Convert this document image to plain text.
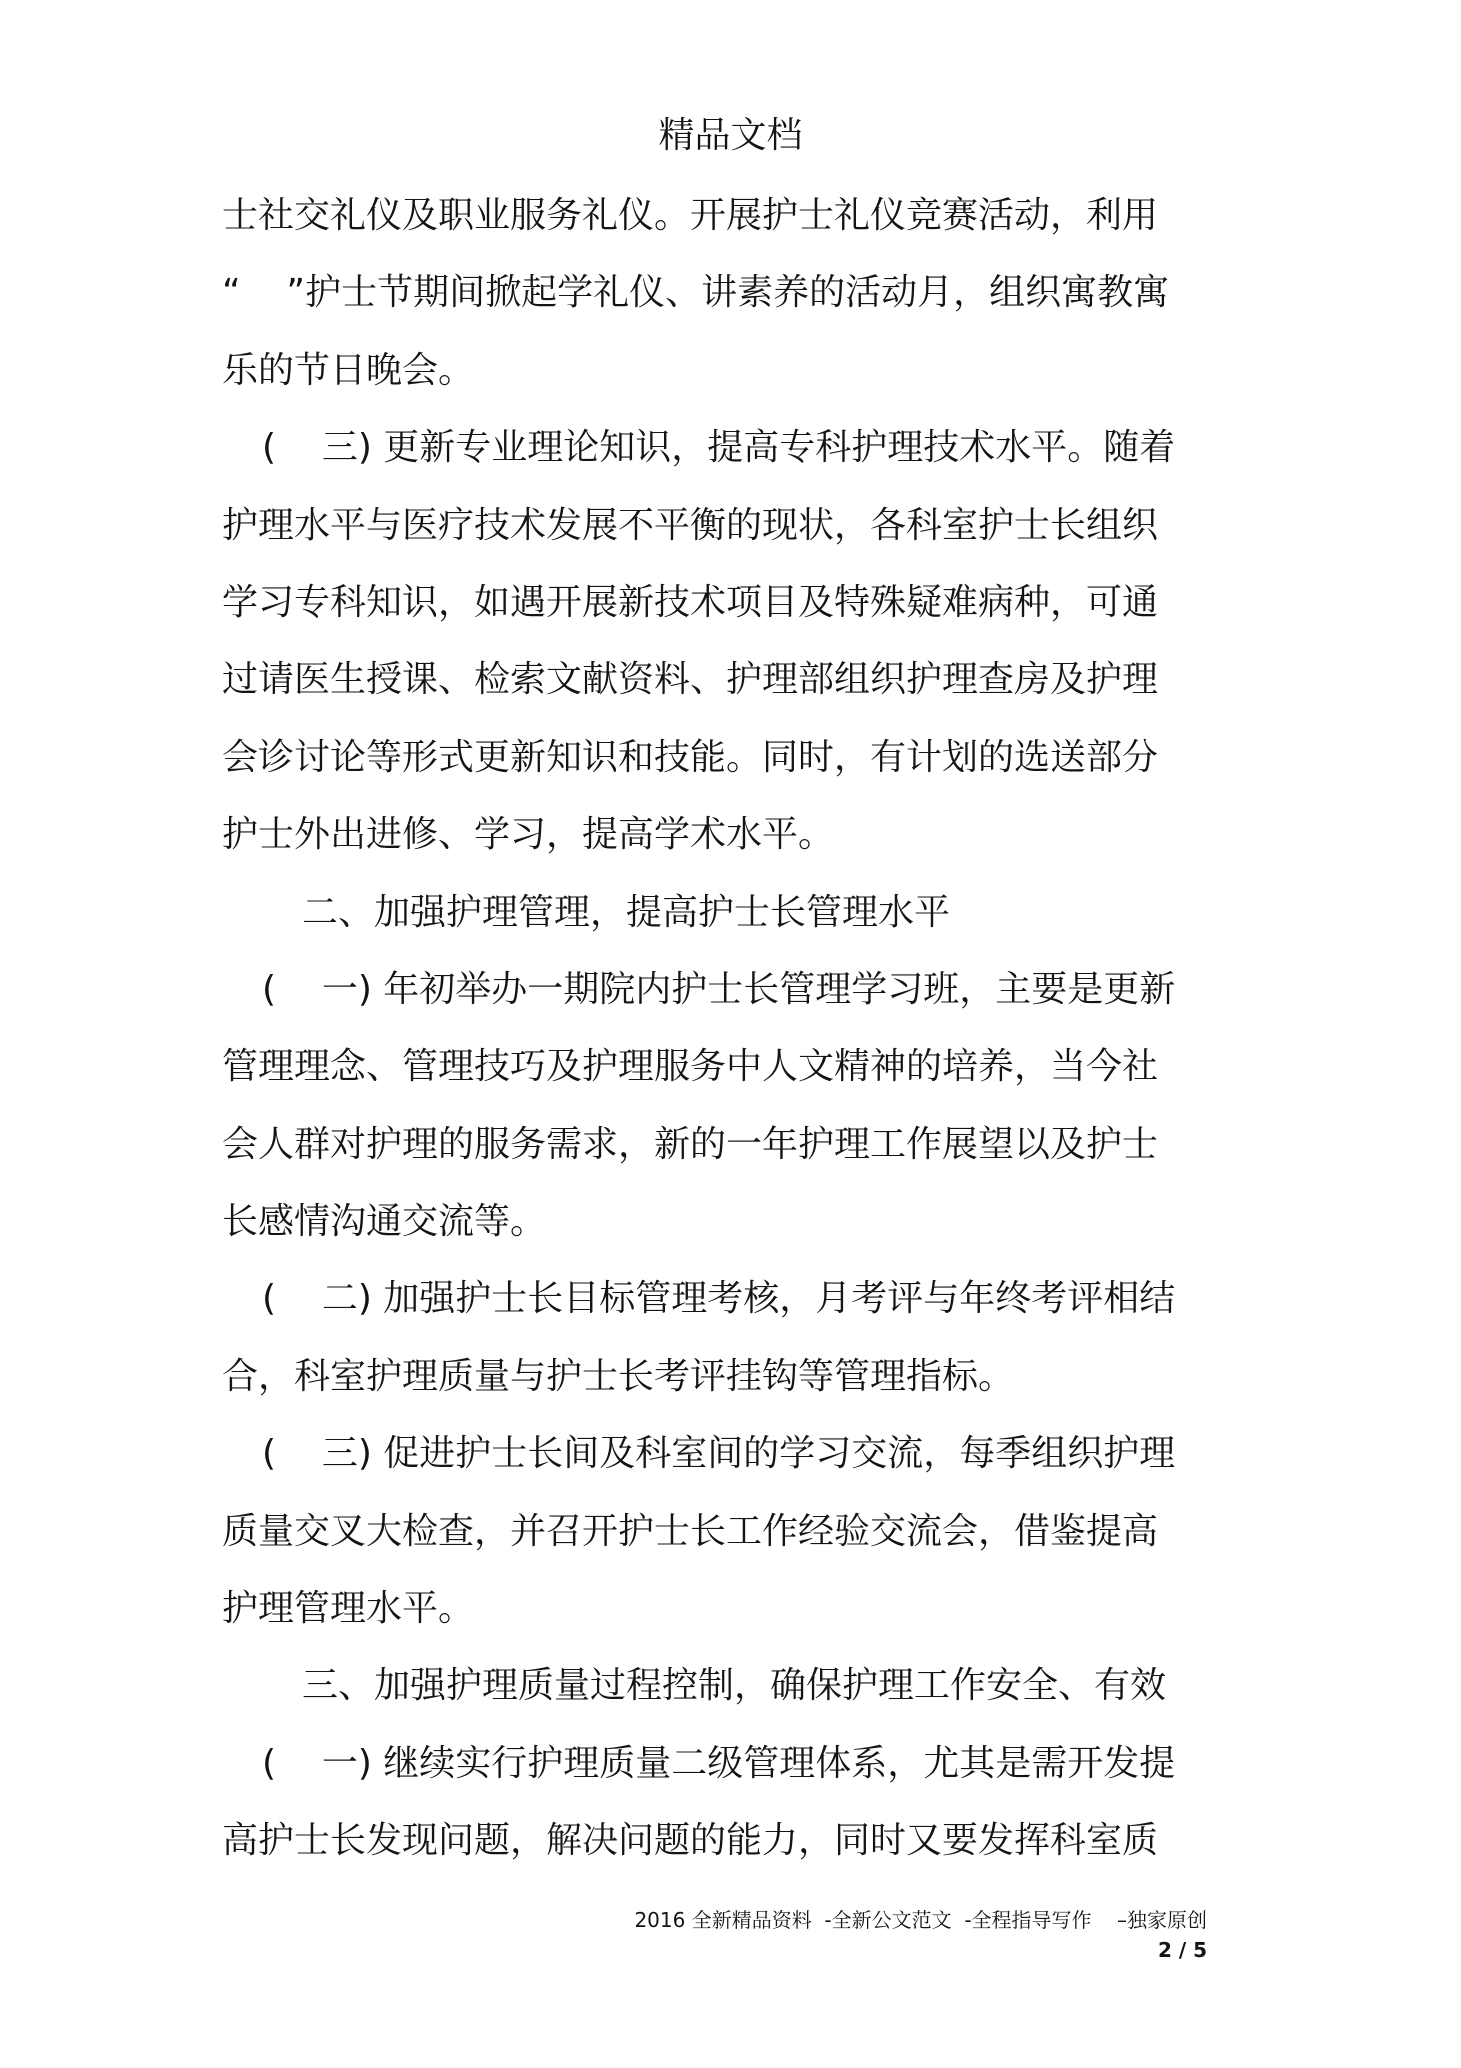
精品文档
士社交礼仪及职业服务礼仪。开展护士礼仪竞赛活动，利用
“    ”护士节期间掀起学礼仪、讲素养的活动月，组织寓教寓
乐的节日晚会。
(    三) 更新专业理论知识，提高专科护理技术水平。随着
护理水平与医疗技术发展不平衡的现状，各科室护士长组织
学习专科知识，如遇开展新技术项目及特殊疑难病种，可通
过请医生授课、检索文献资料、护理部组织护理查房及护理
会诊讨论等形式更新知识和技能。同时，有计划的选送部分
护士外出进修、学习，提高学术水平。
二、加强护理管理，提高护士长管理水平
(    一) 年初举办一期院内护士长管理学习班，主要是更新
管理理念、管理技巧及护理服务中人文精神的培养，当今社
会人群对护理的服务需求，新的一年护理工作展望以及护士
长感情沟通交流等。
(    二) 加强护士长目标管理考核，月考评与年终考评相结
合，科室护理质量与护士长考评挂钩等管理指标。
(    三) 促进护士长间及科室间的学习交流，每季组织护理
质量交叉大检查，并召开护士长工作经验交流会，借鉴提高
护理管理水平。
三、加强护理质量过程控制，确保护理工作安全、有效
(    一) 继续实行护理质量二级管理体系，尤其是需开发提
高护士长发现问题，解决问题的能力，同时又要发挥科室质
2016 全新精品资料  -全新公文范文  -全程指导写作    –独家原创
2 / 5
